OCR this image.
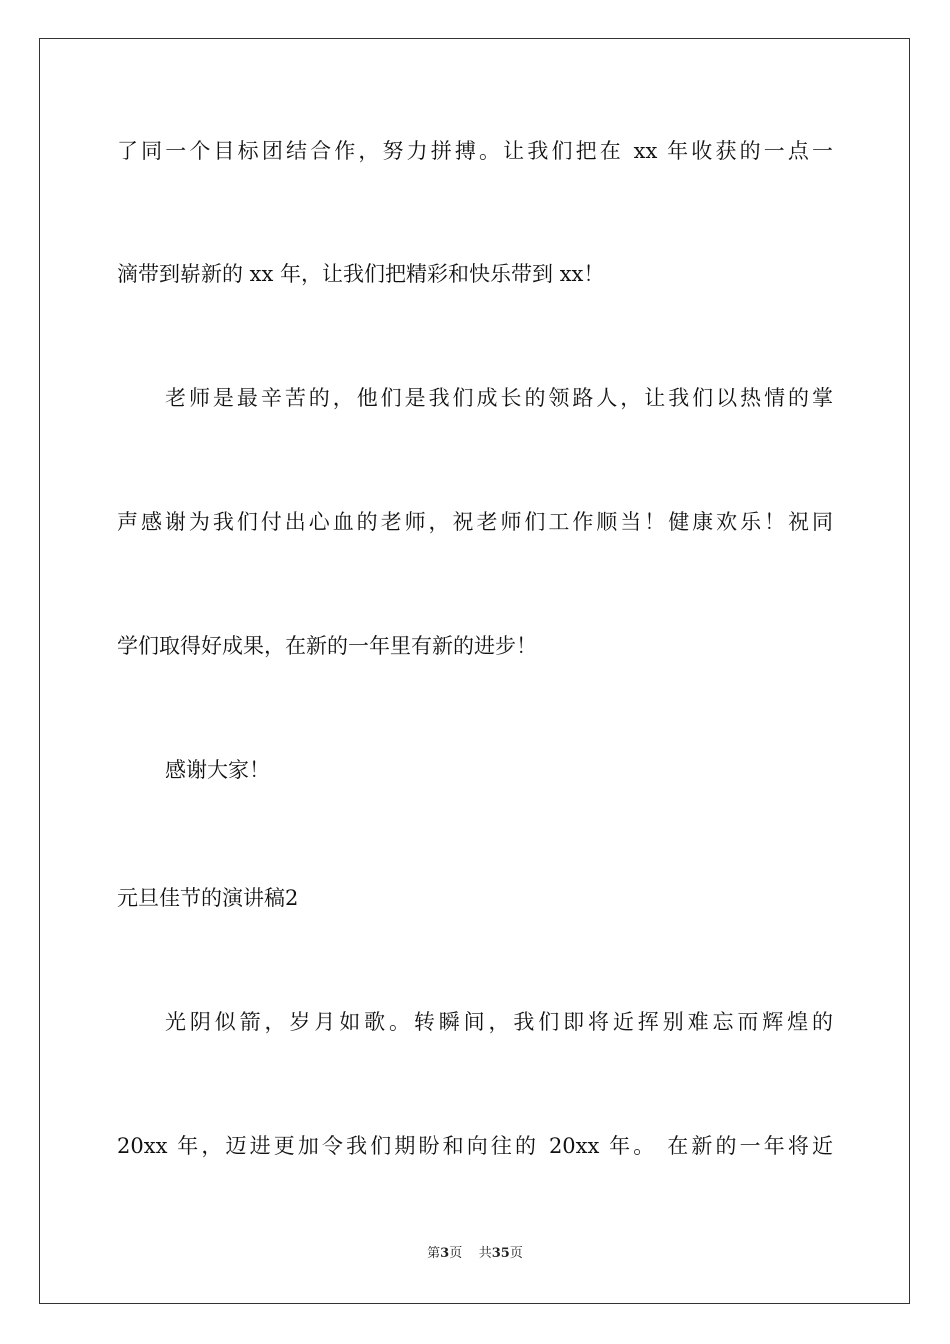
了同一个目标团结合作，努力拼搏。让我们把在 xx 年收获的一点一
滴带到崭新的 xx 年，让我们把精彩和快乐带到 xx！
老师是最辛苦的，他们是我们成长的领路人，让我们以热情的掌
声感谢为我们付出心血的老师，祝老师们工作顺当！健康欢乐！祝同
学们取得好成果，在新的一年里有新的进步！
感谢大家！
元旦佳节的演讲稿2
光阴似箭，岁月如歌。转瞬间，我们即将近挥别难忘而辉煌的
20xx 年，迈进更加令我们期盼和向往的 20xx 年。 在新的一年将近
第3页 共35页
